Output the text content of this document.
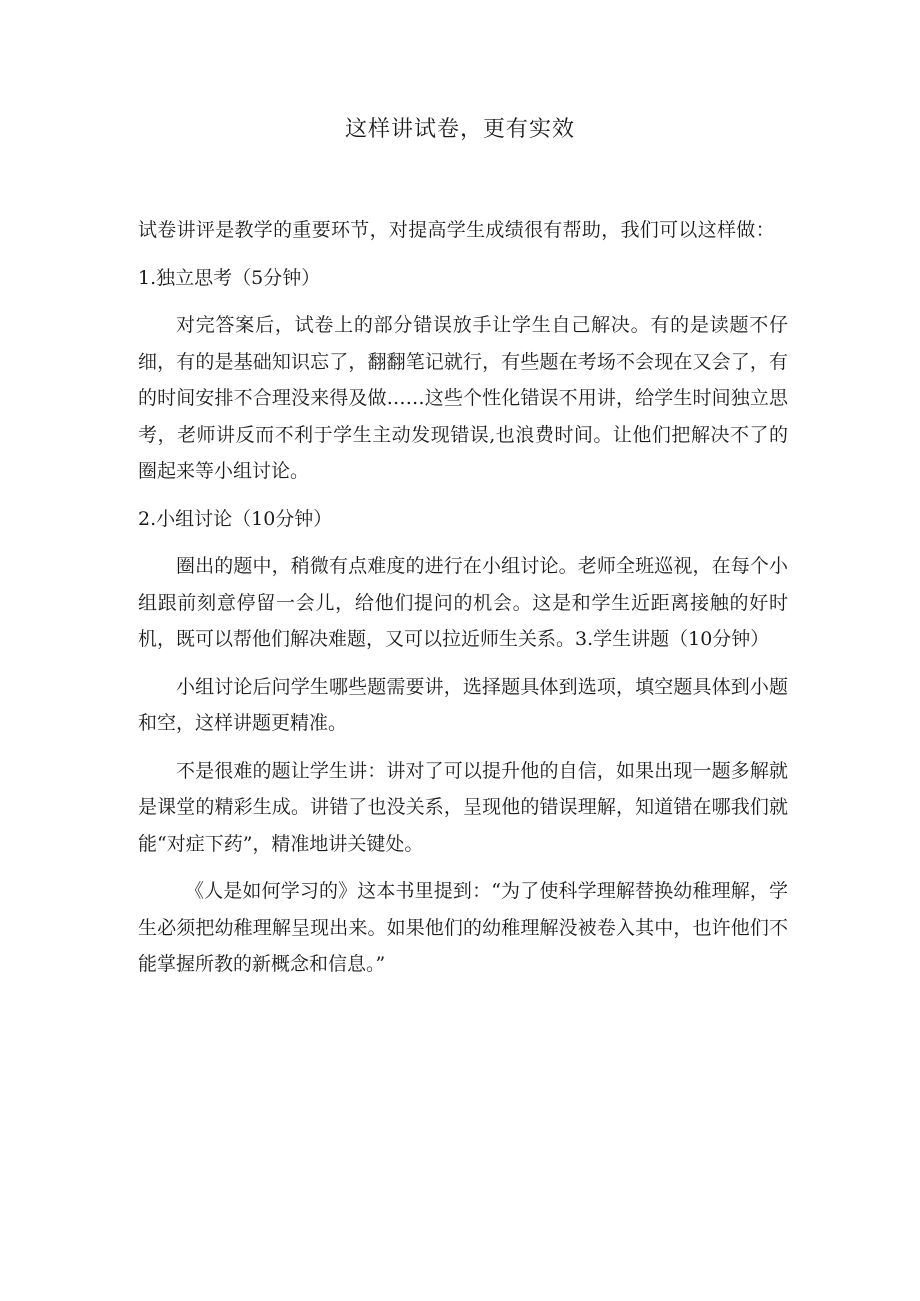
这样讲试卷，更有实效

试卷讲评是教学的重要环节，对提高学生成绩很有帮助，我们可以这样做：

1.独立思考（5分钟）

对完答案后，试卷上的部分错误放手让学生自己解决。有的是读题不仔细，有的是基础知识忘了，翻翻笔记就行，有些题在考场不会现在又会了，有的时间安排不合理没来得及做……这些个性化错误不用讲，给学生时间独立思考，老师讲反而不利于学生主动发现错误,也浪费时间。让他们把解决不了的圈起来等小组讨论。

2.小组讨论（10分钟）

圈出的题中，稍微有点难度的进行在小组讨论。老师全班巡视，在每个小组跟前刻意停留一会儿，给他们提问的机会。这是和学生近距离接触的好时机，既可以帮他们解决难题，又可以拉近师生关系。3.学生讲题（10分钟）

小组讨论后问学生哪些题需要讲，选择题具体到选项，填空题具体到小题和空，这样讲题更精准。

不是很难的题让学生讲：讲对了可以提升他的自信，如果出现一题多解就是课堂的精彩生成。讲错了也没关系，呈现他的错误理解，知道错在哪我们就能“对症下药”，精准地讲关键处。

《人是如何学习的》这本书里提到：“为了使科学理解替换幼稚理解，学生必须把幼稚理解呈现出来。如果他们的幼稚理解没被卷入其中，也许他们不能掌握所教的新概念和信息。”
